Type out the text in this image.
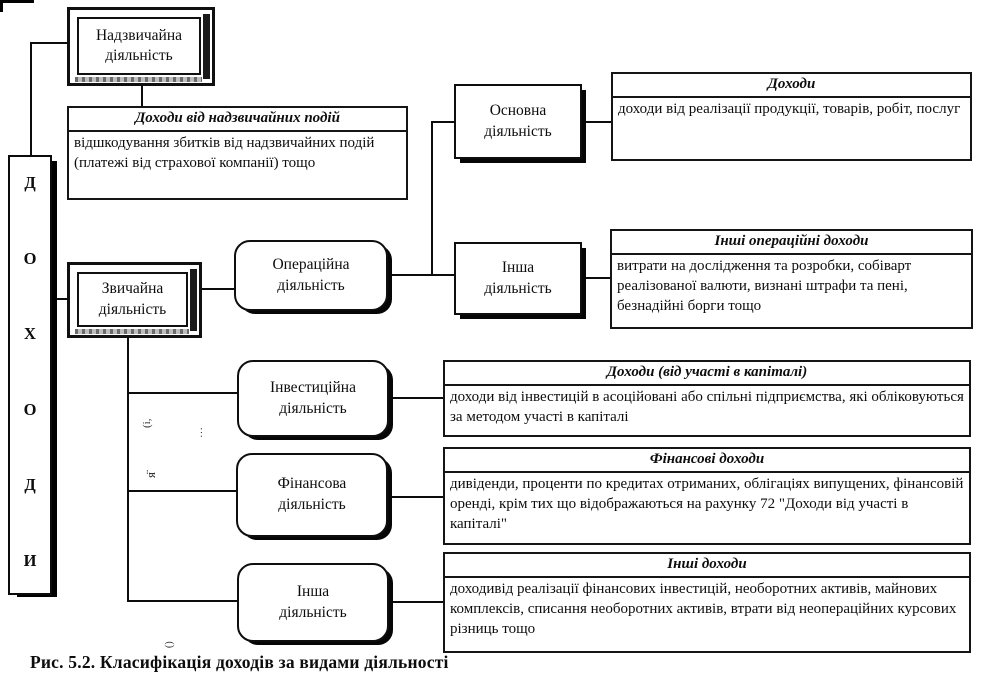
Д
О
Х
О
Д
И
Надзвичайна діяльність
Доходи від надзвичайних подій
відшкодування збитків від надзвичайних подій (платежі від страхової компанії) тощо
Звичайна діяльність
Операційна діяльність
Основна діяльність
Доходи
доходи від реалізації продукції, товарів, робіт, послуг
Інша діяльність
Інші операційні доходи
витрати на дослідження та розробки, собіварт реалізованої валюти, визнані штрафи та пені, безнадійні борги тощо
Інвестиційна діяльність
Доходи (від участі в капіталі)
доходи від інвестицій в асоційовані або спільні підприємства, які обліковуються за методом участі в капіталі
Фінансова діяльність
Фінансові доходи
дивіденди, проценти по кредитах отриманих, облігаціях випущених, фінансовій оренді, крім тих що відображаються на рахунку 72 "Доходи від участі в капіталі"
Інша діяльність
Інші доходи
доходивід реалізації фінансових інвестицій, необоротних активів, майнових комплексів, списання необоротних активів, втрати від неопераційних курсових різниць тощо
(і,
···
я̈
()
Рис. 5.2. Класифікація доходів за видами діяльності
